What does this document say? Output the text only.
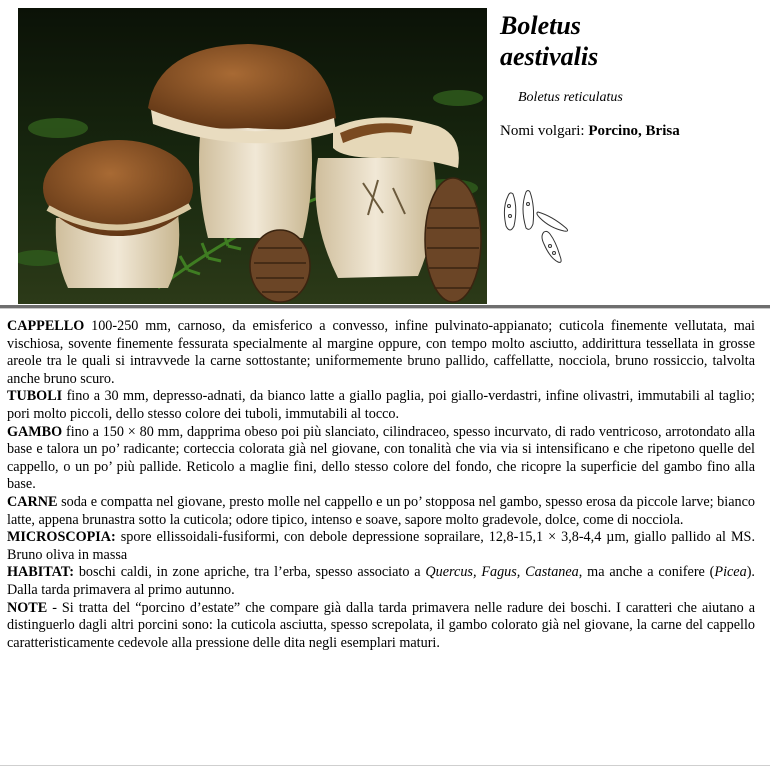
Boletus
aestivalis

Boletus reticulatus
Nomi volgari: Porcino, Brisa

CAPPELLO 100-250 mm, carnoso, da emisferico a convesso, infine pulvinato-appianato; cuticola finemente vellutata, mai vischiosa, sovente finemente fessurata specialmente al margine oppure, con tempo molto asciutto, addirittura tessellata in grosse areole tra le quali si intravvede la carne sottostante; uniformemente bruno pallido, caffellatte, nocciola, bruno rossiccio, talvolta anche bruno scuro.

TUBOLI fino a 30 mm, depresso-adnati, da bianco latte a giallo paglia, poi giallo-verdastri, infine olivastri, immutabili al taglio; pori molto piccoli, dello stesso colore dei tuboli, immutabili al tocco.

GAMBO fino a 150 × 80 mm, dapprima obeso poi più slanciato, cilindraceo, spesso incurvato, di rado ventricoso, arrotondato alla base e talora un po’ radicante; corteccia colorata già nel giovane, con tonalità che via via si intensificano e che ripetono quelle del cappello, o un po’ più pallide. Reticolo a maglie fini, dello stesso colore del fondo, che ricopre la superficie del gambo fino alla base.

CARNE soda e compatta nel giovane, presto molle nel cappello e un po’ stopposa nel gambo, spesso erosa da piccole larve; bianco latte, appena brunastra sotto la cuticola; odore tipico, intenso e soave, sapore molto gradevole, dolce, come di nocciola.

MICROSCOPIA: spore ellissoidali-fusiformi, con debole depressione soprailare, 12,8-15,1 × 3,8-4,4 µm, giallo pallido al MS. Bruno oliva in massa

HABITAT: boschi caldi, in zone apriche, tra l’erba, spesso associato a Quercus, Fagus, Castanea, ma anche a conifere (Picea). Dalla tarda primavera al primo autunno.

NOTE - Si tratta del “porcino d’estate” che compare già dalla tarda primavera nelle radure dei boschi. I caratteri che aiutano a distinguerlo dagli altri porcini sono: la cuticola asciutta, spesso screpolata, il gambo colorato già nel giovane, la carne del cappello caratteristicamente cedevole alla pressione delle dita negli esemplari maturi.
